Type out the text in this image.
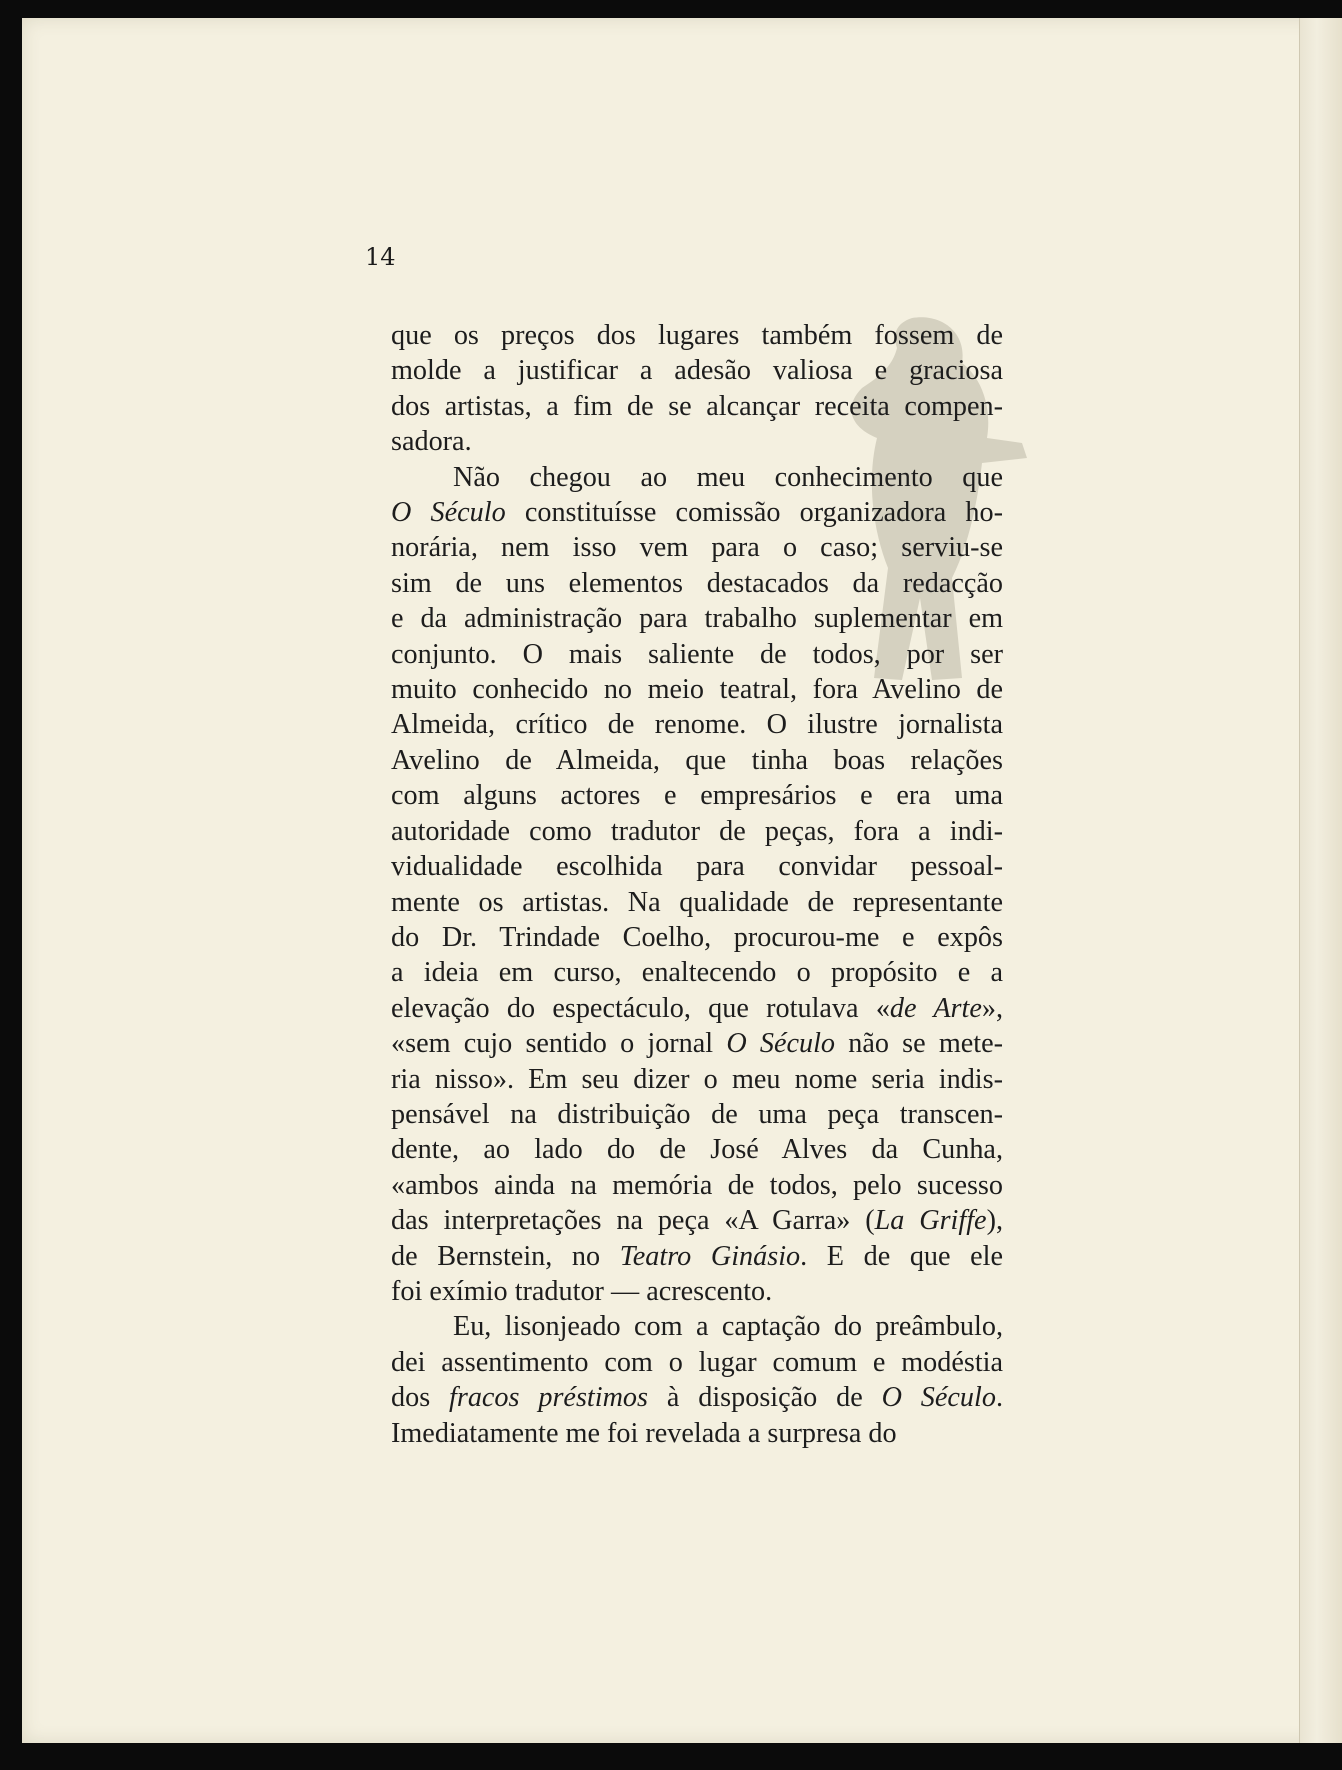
14

que os preços dos lugares também fossem de
molde a justificar a adesão valiosa e graciosa
dos artistas, a fim de se alcançar receita compen-
sadora.

Não chegou ao meu conhecimento que
O Século constituísse comissão organizadora ho-
norária, nem isso vem para o caso; serviu-se
sim de uns elementos destacados da redacção
e da administração para trabalho suplementar em
conjunto. O mais saliente de todos, por ser
muito conhecido no meio teatral, fora Avelino de
Almeida, crítico de renome. O ilustre jornalista
Avelino de Almeida, que tinha boas relações
com alguns actores e empresários e era uma
autoridade como tradutor de peças, fora a indi-
vidualidade escolhida para convidar pessoal-
mente os artistas. Na qualidade de representante
do Dr. Trindade Coelho, procurou-me e expôs
a ideia em curso, enaltecendo o propósito e a
elevação do espectáculo, que rotulava «de Arte»,
«sem cujo sentido o jornal O Século não se mete-
ria nisso». Em seu dizer o meu nome seria indis-
pensável na distribuição de uma peça transcen-
dente, ao lado do de José Alves da Cunha,
«ambos ainda na memória de todos, pelo sucesso
das interpretações na peça «A Garra» (La Griffe),
de Bernstein, no Teatro Ginásio. E de que ele
foi exímio tradutor — acrescento.

Eu, lisonjeado com a captação do preâmbulo,
dei assentimento com o lugar comum e modéstia
dos fracos préstimos à disposição de O Século.
Imediatamente me foi revelada a surpresa do
